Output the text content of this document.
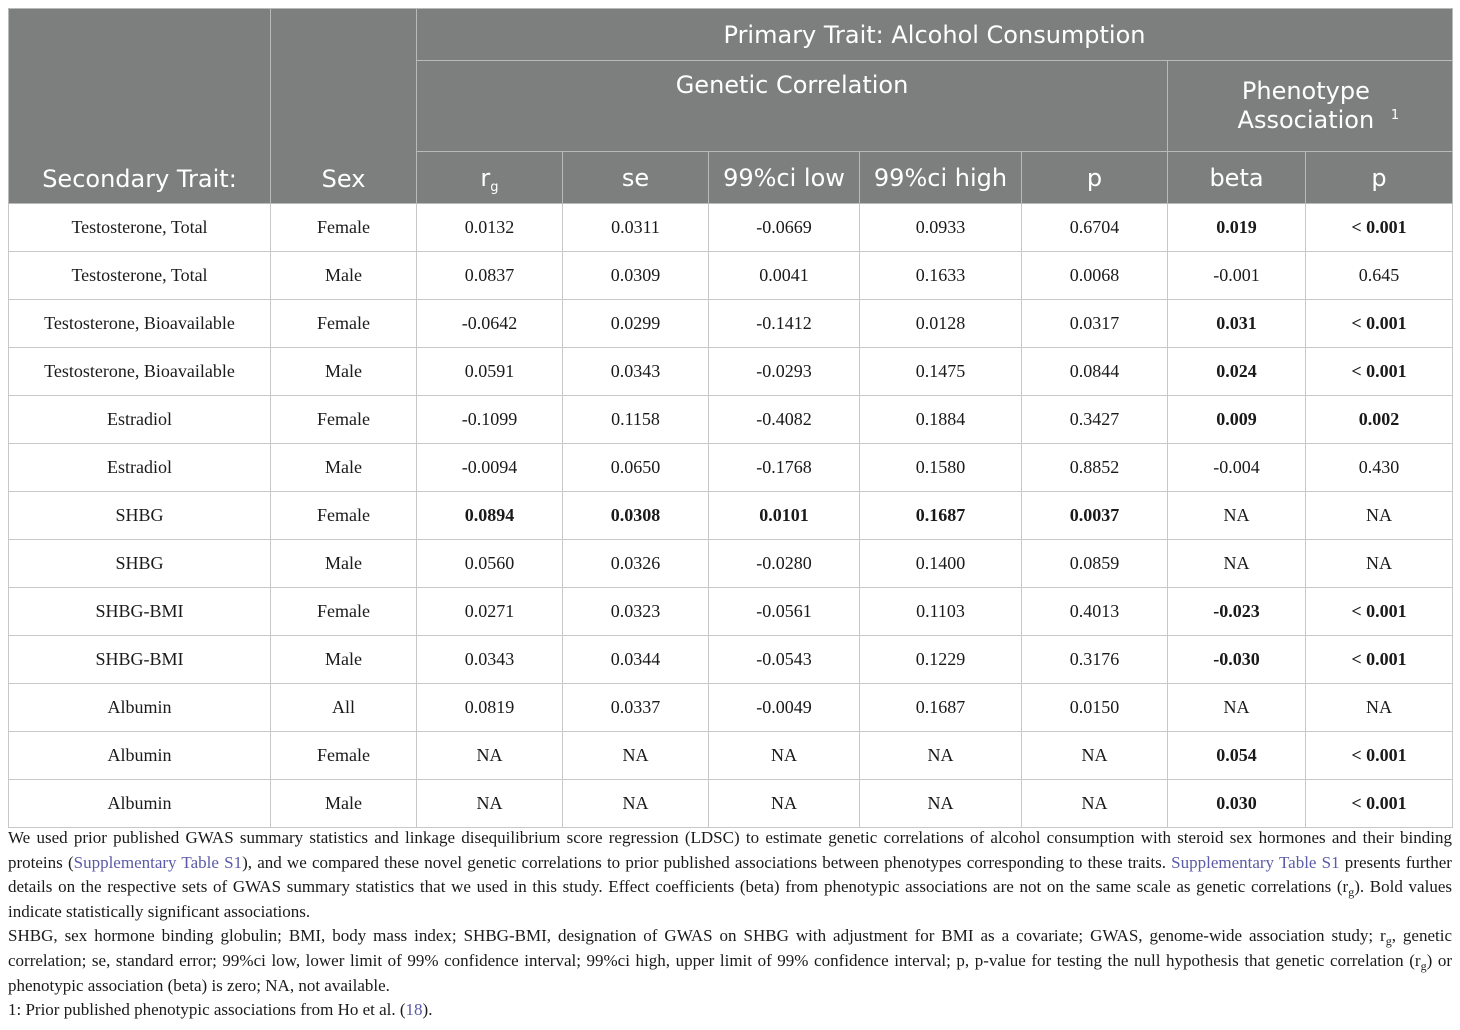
Secondary Trait:	Sex	Primary Trait: Alcohol Consumption						
		Genetic Correlation					Phenotype Association $^1$
		$r_g$	se	99%ci low	99%ci high	p	beta	p
Testosterone, Total	Female	0.0132	0.0311	-0.0669	0.0933	0.6704	0.019	< 0.001
Testosterone, Total	Male	0.0837	0.0309	0.0041	0.1633	0.0068	-0.001	0.645
Testosterone, Bioavailable	Female	-0.0642	0.0299	-0.1412	0.0128	0.0317	0.031	< 0.001
Testosterone, Bioavailable	Male	0.0591	0.0343	-0.0293	0.1475	0.0844	0.024	< 0.001
Estradiol	Female	-0.1099	0.1158	-0.4082	0.1884	0.3427	0.009	0.002
Estradiol	Male	-0.0094	0.0650	-0.1768	0.1580	0.8852	-0.004	0.430
SHBG	Female	0.0894	0.0308	0.0101	0.1687	0.0037	NA	NA
SHBG	Male	0.0560	0.0326	-0.0280	0.1400	0.0859	NA	NA
SHBG-BMI	Female	0.0271	0.0323	-0.0561	0.1103	0.4013	-0.023	< 0.001
SHBG-BMI	Male	0.0343	0.0344	-0.0543	0.1229	0.3176	-0.030	< 0.001
Albumin	All	0.0819	0.0337	-0.0049	0.1687	0.0150	NA	NA
Albumin	Female	NA	NA	NA	NA	NA	0.054	< 0.001
Albumin	Male	NA	NA	NA	NA	NA	0.030	< 0.001

We used prior published GWAS summary statistics and linkage disequilibrium score regression (LDSC) to estimate genetic correlations of alcohol consumption with steroid sex hormones and their binding proteins (Supplementary Table S1), and we compared these novel genetic correlations to prior published associations between phenotypes corresponding to these traits. Supplementary Table S1 presents further details on the respective sets of GWAS summary statistics that we used in this study. Effect coefficients (beta) from phenotypic associations are not on the same scale as genetic correlations $(r_g)$. Bold values indicate statistically significant associations.

SHBG, sex hormone binding globulin; BMI, body mass index; SHBG-BMI, designation of GWAS on SHBG with adjustment for BMI as a covariate; GWAS, genome-wide association study; $r_g$, genetic correlation; se, standard error; 99%ci low, lower limit of 99% confidence interval; 99%ci high, upper limit of 99% confidence interval; p, p-value for testing the null hypothesis that genetic correlation $(r_g)$ or phenotypic association (beta) is zero; NA, not available.

1: Prior published phenotypic associations from Ho et al. (18).
